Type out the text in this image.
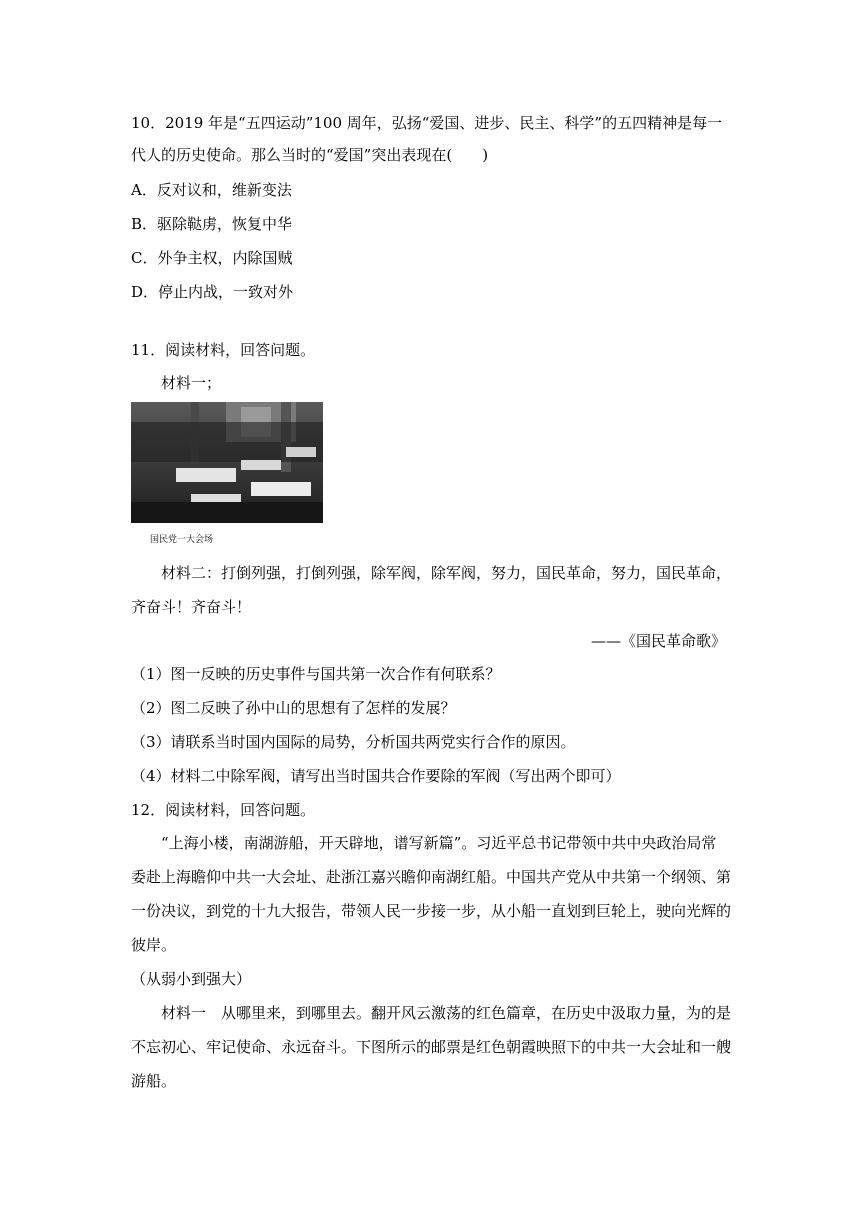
10．2019 年是“五四运动”100 周年，弘扬“爱国、进步、民主、科学”的五四精神是每一
代人的历史使命。那么当时的“爱国”突出表现在(　　)
A．反对议和，维新变法
B．驱除鞑虏，恢复中华
C．外争主权，内除国贼
D．停止内战，一致对外
11．阅读材料，回答问题。
材料一；
国民党一大会场
材料二：打倒列强，打倒列强，除军阀，除军阀，努力，国民革命，努力，国民革命，
齐奋斗！齐奋斗！
——《国民革命歌》
（1）图一反映的历史事件与国共第一次合作有何联系？
（2）图二反映了孙中山的思想有了怎样的发展？
（3）请联系当时国内国际的局势，分析国共两党实行合作的原因。
（4）材料二中除军阀，请写出当时国共合作要除的军阀（写出两个即可）
12．阅读材料，回答问题。
“上海小楼，南湖游船，开天辟地，谱写新篇”。习近平总书记带领中共中央政治局常
委赴上海瞻仰中共一大会址、赴浙江嘉兴瞻仰南湖红船。中国共产党从中共第一个纲领、第
一份决议，到党的十九大报告，带领人民一步接一步，从小船一直划到巨轮上，驶向光辉的
彼岸。
（从弱小到强大）
材料一　从哪里来，到哪里去。翻开风云激荡的红色篇章，在历史中汲取力量，为的是
不忘初心、牢记使命、永远奋斗。下图所示的邮票是红色朝霞映照下的中共一大会址和一艘
游船。
